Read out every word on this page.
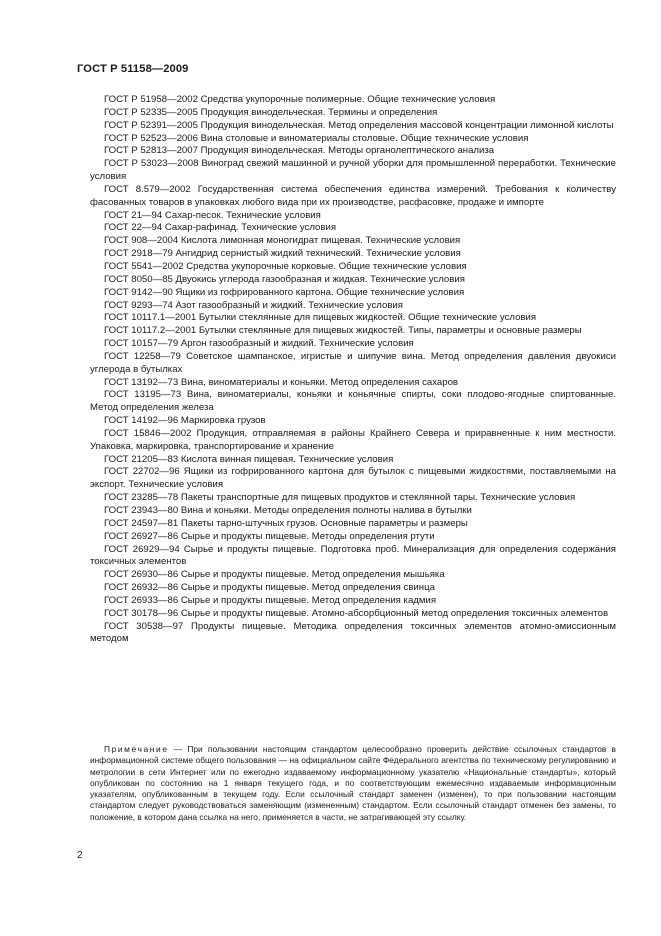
ГОСТ Р 51158—2009

ГОСТ Р 51958—2002 Средства укупорочные полимерные. Общие технические условия

ГОСТ Р 52335—2005 Продукция винодельческая. Термины и определения

ГОСТ Р 52391—2005 Продукция винодельческая. Метод определения массовой концентрации лимонной кислоты

ГОСТ Р 52523—2006 Вина столовые и виноматериалы столовые. Общие технические условия

ГОСТ Р 52813—2007 Продукция винодельческая. Методы органолептического анализа

ГОСТ Р 53023—2008 Виноград свежий машинной и ручной уборки для промышленной переработки. Технические условия

ГОСТ 8.579—2002 Государственная система обеспечения единства измерений. Требования к количеству фасованных товаров в упаковках любого вида при их производстве, расфасовке, продаже и импорте

ГОСТ 21—94 Сахар-песок. Технические условия

ГОСТ 22—94 Сахар-рафинад. Технические условия

ГОСТ 908—2004 Кислота лимонная моногидрат пищевая. Технические условия

ГОСТ 2918—79 Ангидрид сернистый жидкий технический. Технические условия

ГОСТ 5541—2002 Средства укупорочные корковые. Общие технические условия

ГОСТ 8050—85 Двуокись углерода газообразная и жидкая. Технические условия

ГОСТ 9142—90 Ящики из гофрированного картона. Общие технические условия

ГОСТ 9293—74 Азот газообразный и жидкий. Технические условия

ГОСТ 10117.1—2001 Бутылки стеклянные для пищевых жидкостей. Общие технические условия

ГОСТ 10117.2—2001 Бутылки стеклянные для пищевых жидкостей. Типы, параметры и основные размеры

ГОСТ 10157—79 Аргон газообразный и жидкий. Технические условия

ГОСТ 12258—79 Советское шампанское, игристые и шипучие вина. Метод определения давления двуокиси углерода в бутылках

ГОСТ 13192—73 Вина, виноматериалы и коньяки. Метод определения сахаров

ГОСТ 13195—73 Вина, виноматериалы, коньяки и коньячные спирты, соки плодово-ягодные спиртованные. Метод определения железа

ГОСТ 14192—96 Маркировка грузов

ГОСТ 15846—2002 Продукция, отправляемая в районы Крайнего Севера и приравненные к ним местности. Упаковка, маркировка, транспортирование и хранение

ГОСТ 21205—83 Кислота винная пищевая. Технические условия

ГОСТ 22702—96 Ящики из гофрированного картона для бутылок с пищевыми жидкостями, поставляемыми на экспорт. Технические условия

ГОСТ 23285—78 Пакеты транспортные для пищевых продуктов и стеклянной тары. Технические условия

ГОСТ 23943—80 Вина и коньяки. Методы определения полноты налива в бутылки

ГОСТ 24597—81 Пакеты тарно-штучных грузов. Основные параметры и размеры

ГОСТ 26927—86 Сырье и продукты пищевые. Методы определения ртути

ГОСТ 26929—94 Сырье и продукты пищевые. Подготовка проб. Минерализация для определения содержания токсичных элементов

ГОСТ 26930—86 Сырье и продукты пищевые. Метод определения мышьяка

ГОСТ 26932—86 Сырье и продукты пищевые. Метод определения свинца

ГОСТ 26933—86 Сырье и продукты пищевые. Метод определения кадмия

ГОСТ 30178—96 Сырье и продукты пищевые. Атомно-абсорбционный метод определения токсичных элементов

ГОСТ 30538—97 Продукты пищевые. Методика определения токсичных элементов атомно-эмиссионным методом

Примечание — При пользовании настоящим стандартом целесообразно проверить действие ссылочных стандартов в информационной системе общего пользования — на официальном сайте Федерального агентства по техническому регулированию и метрологии в сети Интернет или по ежегодно издаваемому информационному указателю «Национальные стандарты», который опубликован по состоянию на 1 января текущего года, и по соответствующим ежемесячно издаваемым информационным указателям, опубликованным в текущем году. Если ссылочный стандарт заменен (изменен), то при пользовании настоящим стандартом следует руководствоваться заменяющим (измененным) стандартом. Если ссылочный стандарт отменен без замены, то положение, в котором дана ссылка на него, применяется в части, не затрагивающей эту ссылку.

2
